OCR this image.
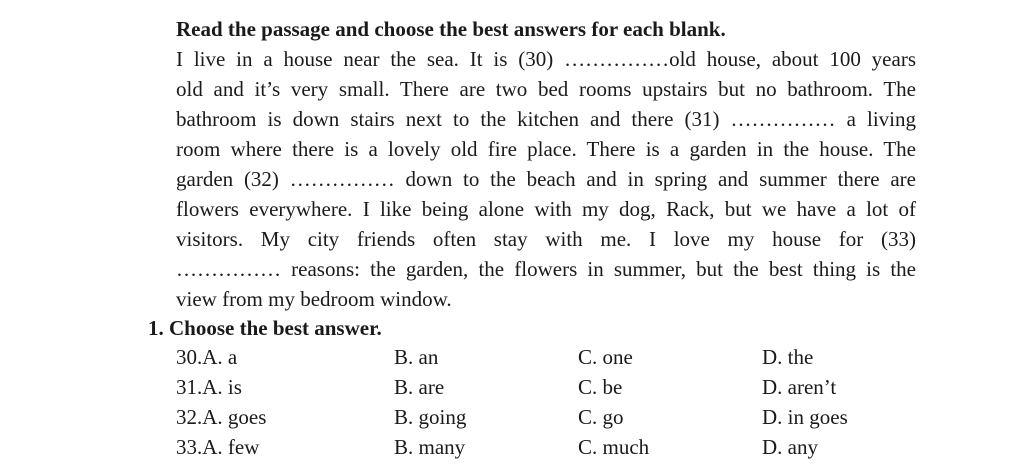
Read the passage and choose the best answers for each blank.
I live in a house near the sea. It is (30) ……………old house, about 100 years
old and it’s very small. There are two bed rooms upstairs but no bathroom. The
bathroom is down stairs next to the kitchen and there (31) …………… a living
room where there is a lovely old fire place. There is a garden in the house. The
garden (32) …………… down to the beach and in spring and summer there are
flowers everywhere. I like being alone with my dog, Rack, but we have a lot of
visitors. My city friends often stay with me. I love my house for (33)
…………… reasons: the garden, the flowers in summer, but the best thing is the
view from my bedroom window.
1. Choose the best answer.
30.A. a	B. an	C. one	D. the
31.A. is	B. are	C. be	D. aren’t
32.A. goes	B. going	C. go	D. in goes
33.A. few	B. many	C. much	D. any
